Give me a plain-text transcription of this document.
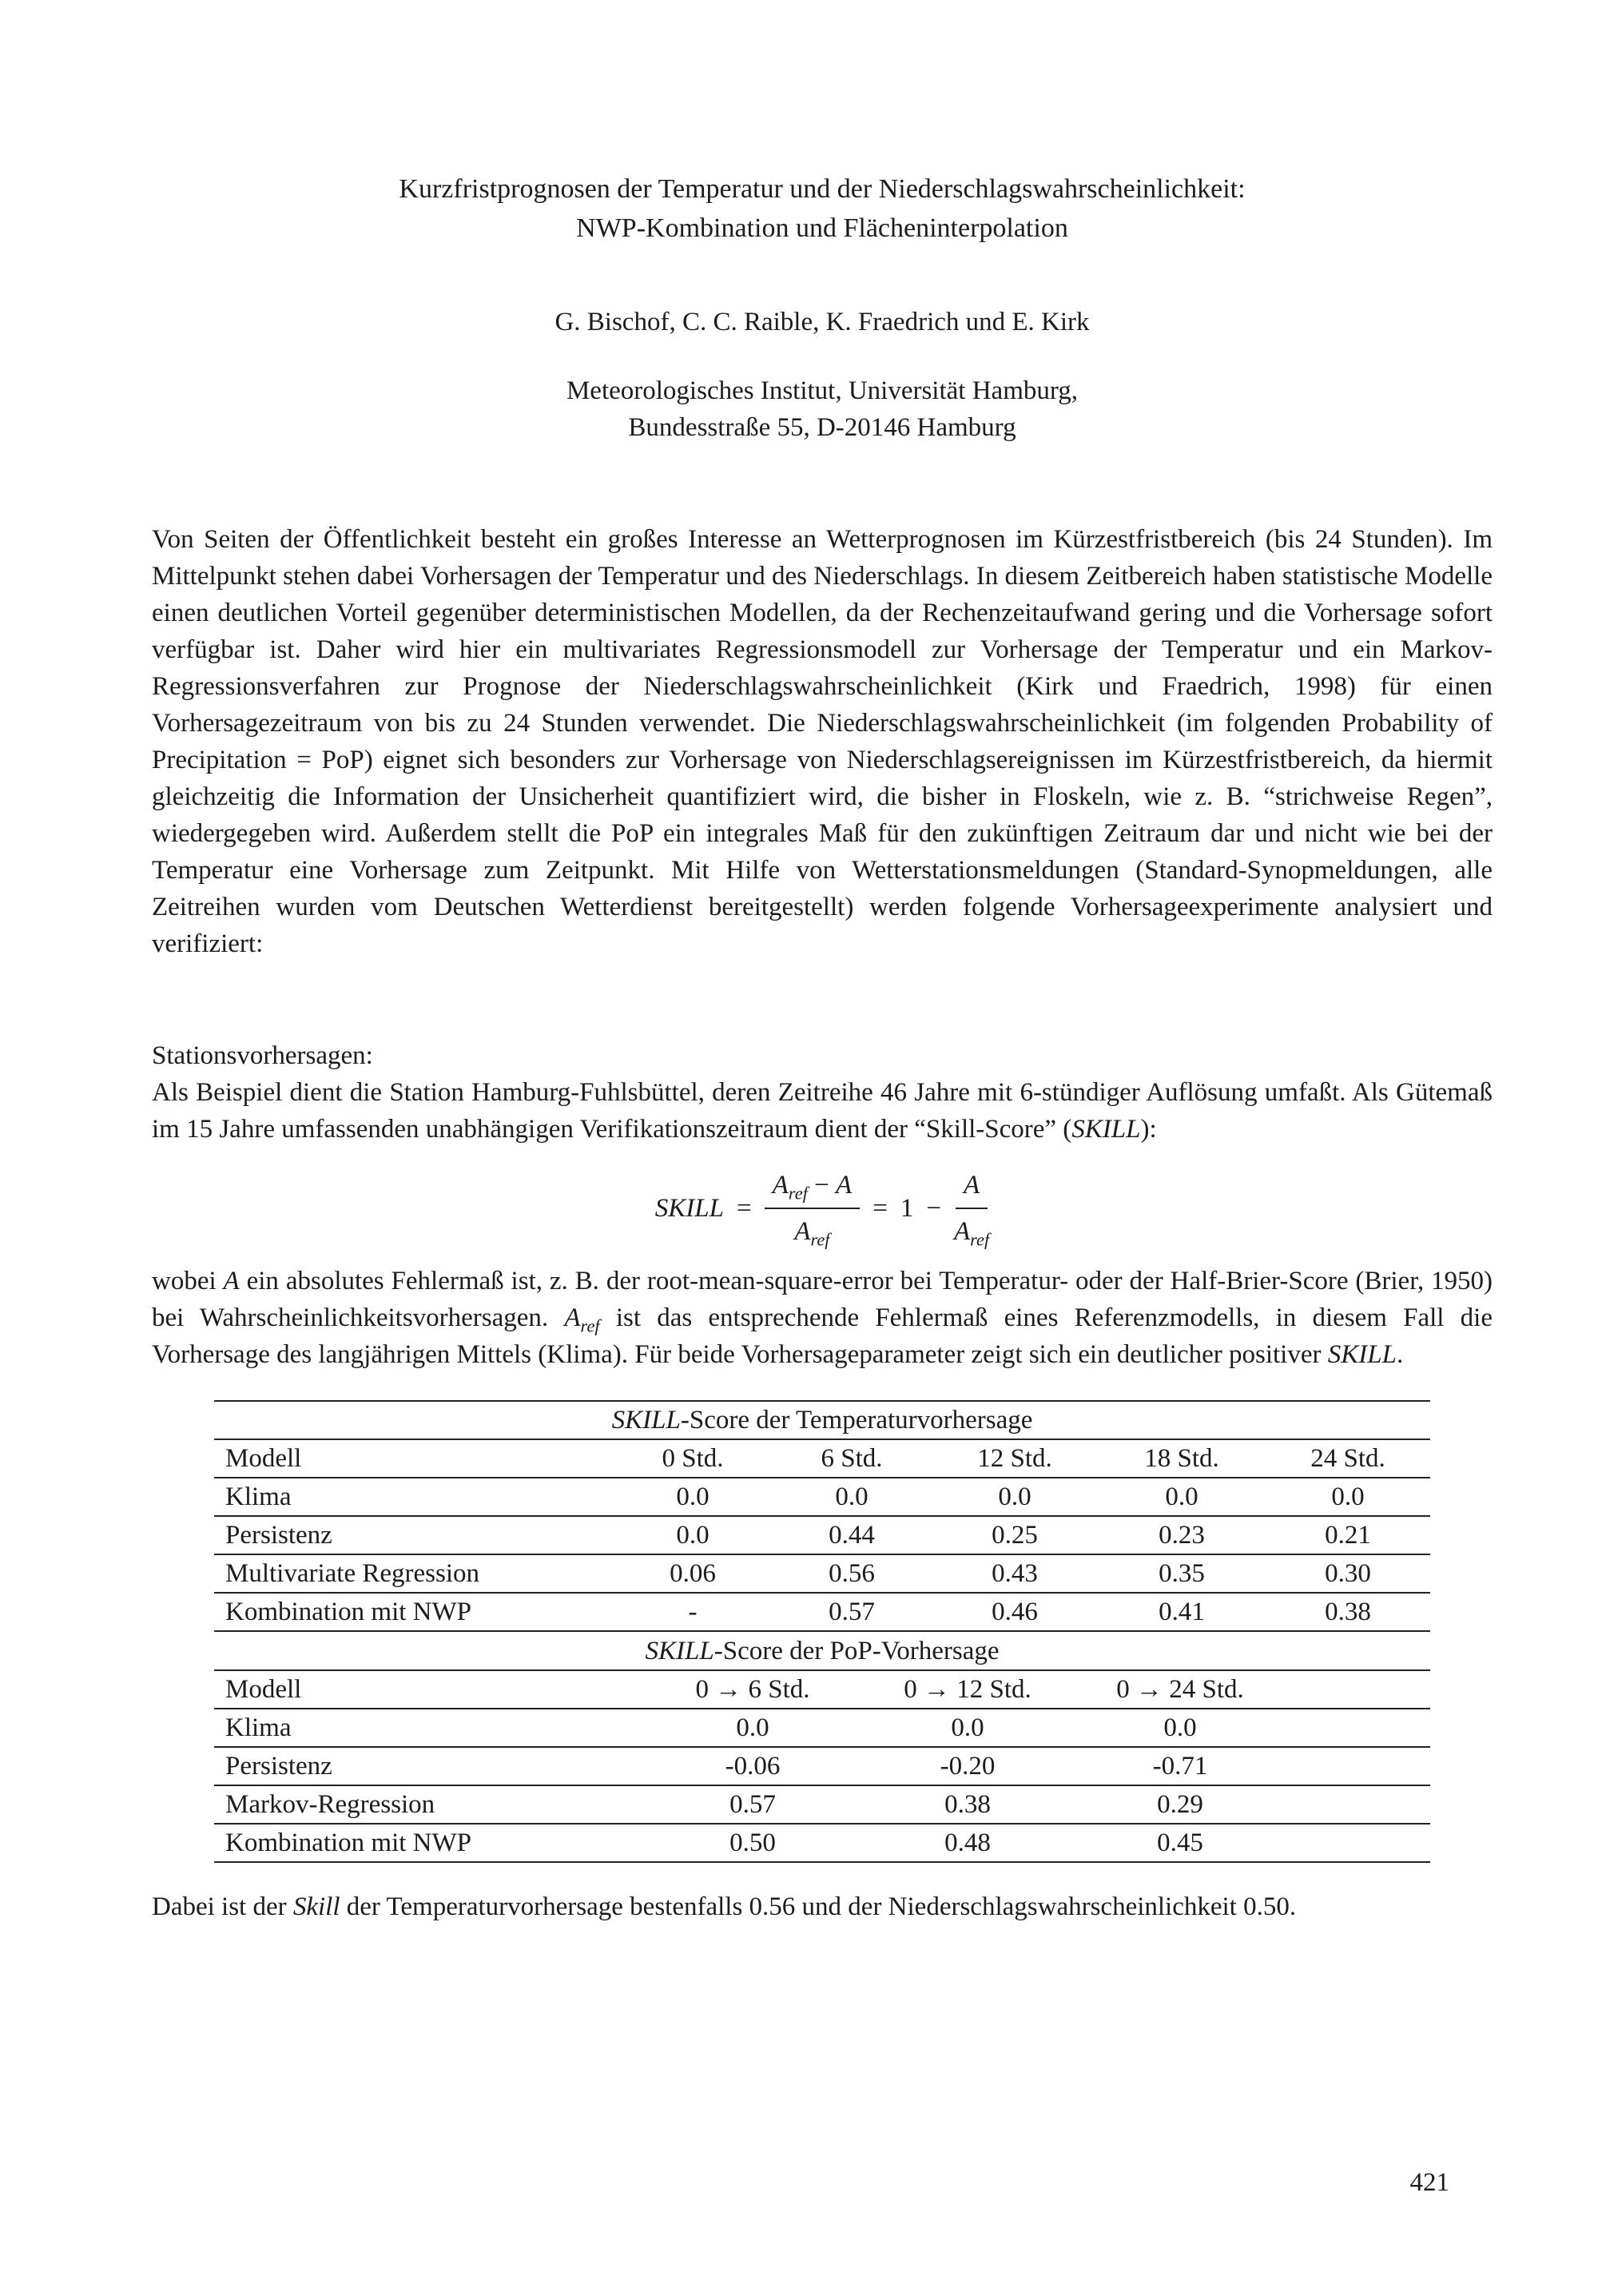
Kurzfristprognosen der Temperatur und der Niederschlagswahrscheinlichkeit:
NWP-Kombination und Flächeninterpolation
G. Bischof, C. C. Raible, K. Fraedrich und E. Kirk
Meteorologisches Institut, Universität Hamburg,
Bundesstraße 55, D-20146 Hamburg

Von Seiten der Öffentlichkeit besteht ein großes Interesse an Wetterprognosen im Kürzestfristbereich (bis 24 Stunden). Im Mittelpunkt stehen dabei Vorhersagen der Temperatur und des Niederschlags. In diesem Zeitbereich haben statistische Modelle einen deutlichen Vorteil gegenüber deterministischen Modellen, da der Rechenzeitaufwand gering und die Vorhersage sofort verfügbar ist. Daher wird hier ein multivariates Regressionsmodell zur Vorhersage der Temperatur und ein Markov-Regressionsverfahren zur Prognose der Niederschlagswahrscheinlichkeit (Kirk und Fraedrich, 1998) für einen Vorhersagezeitraum von bis zu 24 Stunden verwendet. Die Niederschlagswahrscheinlichkeit (im folgenden Probability of Precipitation = PoP) eignet sich besonders zur Vorhersage von Niederschlagsereignissen im Kürzestfristbereich, da hiermit gleichzeitig die Information der Unsicherheit quantifiziert wird, die bisher in Floskeln, wie z. B. “strichweise Regen”, wiedergegeben wird. Außerdem stellt die PoP ein integrales Maß für den zukünftigen Zeitraum dar und nicht wie bei der Temperatur eine Vorhersage zum Zeitpunkt. Mit Hilfe von Wetterstationsmeldungen (Standard-Synopmeldungen, alle Zeitreihen wurden vom Deutschen Wetterdienst bereitgestellt) werden folgende Vorhersageexperimente analysiert und verifiziert:

Stationsvorhersagen:

Als Beispiel dient die Station Hamburg-Fuhlsbüttel, deren Zeitreihe 46 Jahre mit 6-stündiger Auflösung umfaßt. Als Gütemaß im 15 Jahre umfassenden unabhängigen Verifikationszeitraum dient der “Skill-Score” (SKILL):

SKILL = $\frac{A_{ref} - A}{A_{ref}} = 1 - \frac{A}{A_{ref}}$

wobei A ein absolutes Fehlermaß ist, z. B. der root-mean-square-error bei Temperatur- oder der Half-Brier-Score (Brier, 1950) bei Wahrscheinlichkeitsvorhersagen. $A_{ref}$ ist das entsprechende Fehlermaß eines Referenzmodells, in diesem Fall die Vorhersage des langjährigen Mittels (Klima). Für beide Vorhersageparameter zeigt sich ein deutlicher positiver SKILL.

SKILL-Score der Temperaturvorhersage					
Modell	0 Std.	6 Std.	12 Std.	18 Std.	24 Std.
Klima	0.0	0.0	0.0	0.0	0.0
Persistenz	0.0	0.44	0.25	0.23	0.21
Multivariate Regression	0.06	0.56	0.43	0.35	0.30
Kombination mit NWP	-	0.57	0.46	0.41	0.38
SKILL-Score der PoP-Vorhersage				
Modell	0 → 6 Std.	0 → 12 Std.	0 → 24 Std.	
Klima	0.0	0.0	0.0	
Persistenz	-0.06	-0.20	-0.71	
Markov-Regression	0.57	0.38	0.29	
Kombination mit NWP	0.50	0.48	0.45	

Dabei ist der Skill der Temperaturvorhersage bestenfalls 0.56 und der Niederschlagswahrscheinlichkeit 0.50.

421
